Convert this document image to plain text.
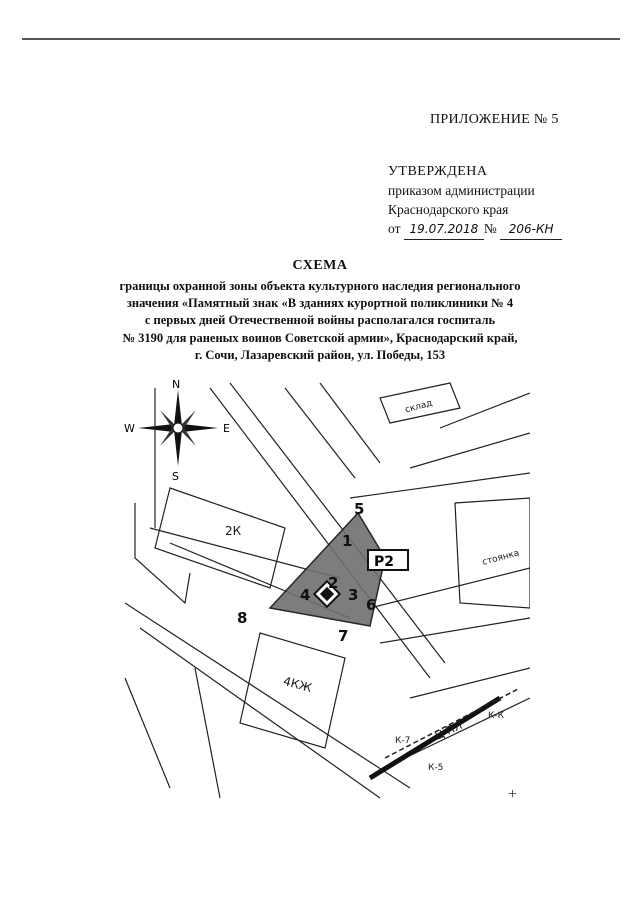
ПРИЛОЖЕНИЕ № 5
УТВЕРЖДЕНА
приказом администрации
Краснодарского края
от 19.07.2018 № 206-КН
СХЕМА
границы охранной зоны объекта культурного наследия регионального
значения «Памятный знак «В зданиях курортной поликлиники № 4
с первых дней Отечественной войны располагался госпиталь
№ 3190 для раненых воинов Советской армии», Краснодарский край,
г. Сочи, Лазаревский район, ул. Победы, 153
N
S
W	E
Р2
1
2
3
4
5
6
7
8
2К
4КЖ
склад
стоянка
Ц ПЛ
К-5
К-7
К-К
+
